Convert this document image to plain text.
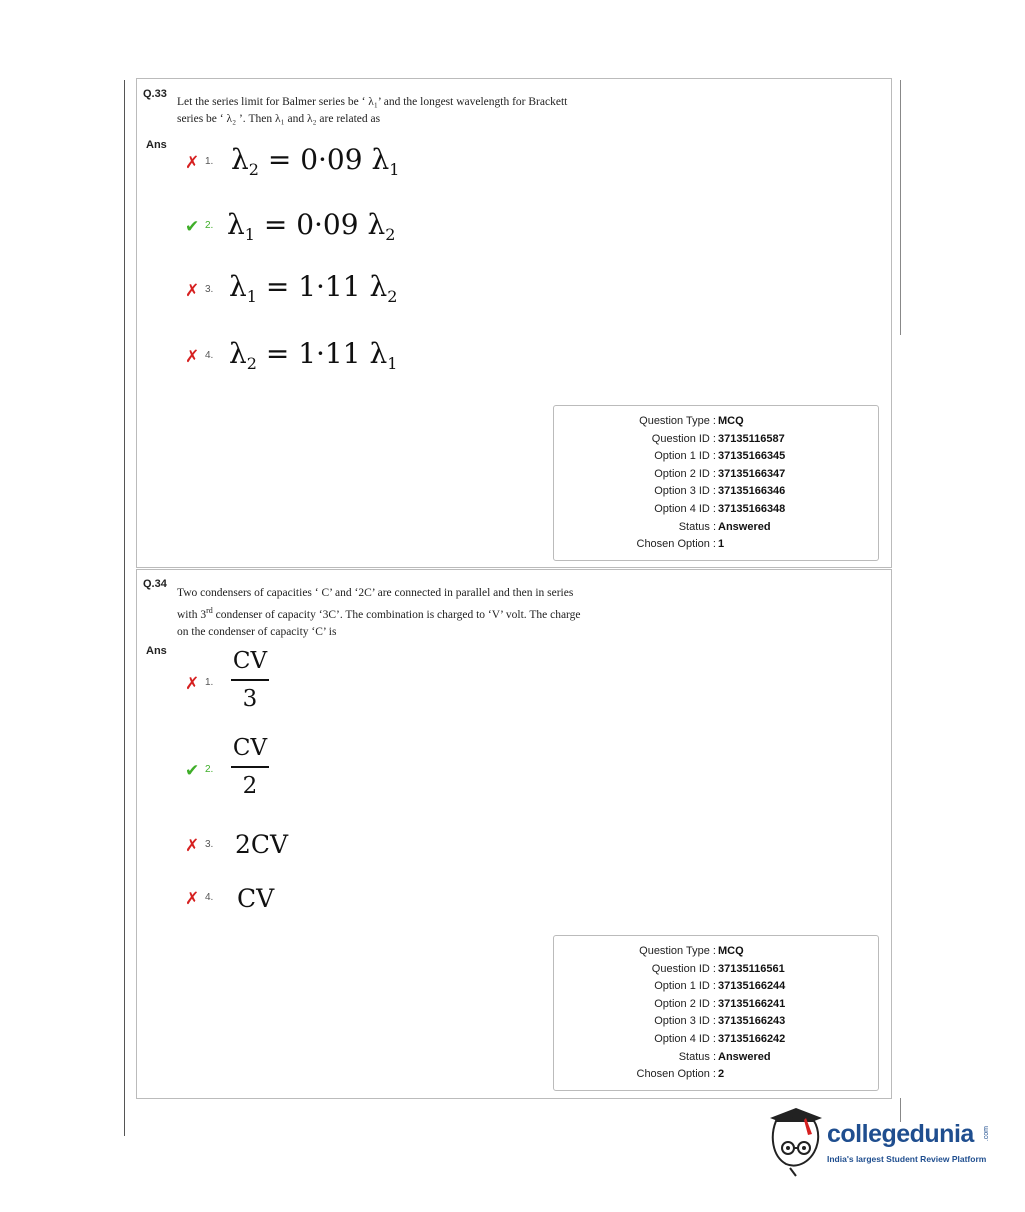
Q.33
Let the series limit for Balmer series be ‘ λ₁’ and the longest wavelength for Brackett
series be ‘ λ₂ ’. Then λ₁ and λ₂ are related as
Ans
✗ 1. $\lambda_2 = 0\cdot 09$ $\lambda_1$
✔ 2. $\lambda_1 = 0\cdot 09$ $\lambda_2$
✗ 3. $\lambda_1 = 1\cdot 11$ $\lambda_2$
✗ 4. $\lambda_2 = 1\cdot 11$ $\lambda_1$
Question Type : MCQ
Question ID : 37135116587
Option 1 ID : 37135166345
Option 2 ID : 37135166347
Option 3 ID : 37135166346
Option 4 ID : 37135166348
Status : Answered
Chosen Option : 1
Q.34
Two condensers of capacities ‘ C’ and ‘2C’ are connected in parallel and then in series
with 3rd condenser of capacity ‘3C’. The combination is charged to ‘V’ volt. The charge
on the condenser of capacity ‘C’ is
Ans
✗ 1. $\frac{CV}{3}$
✔ 2. $\frac{CV}{2}$
✗ 3. 2CV
✗ 4. CV
Question Type : MCQ
Question ID : 37135116561
Option 1 ID : 37135166244
Option 2 ID : 37135166241
Option 3 ID : 37135166243
Option 4 ID : 37135166242
Status : Answered
Chosen Option : 2
collegedunia .com
India's largest Student Review Platform
